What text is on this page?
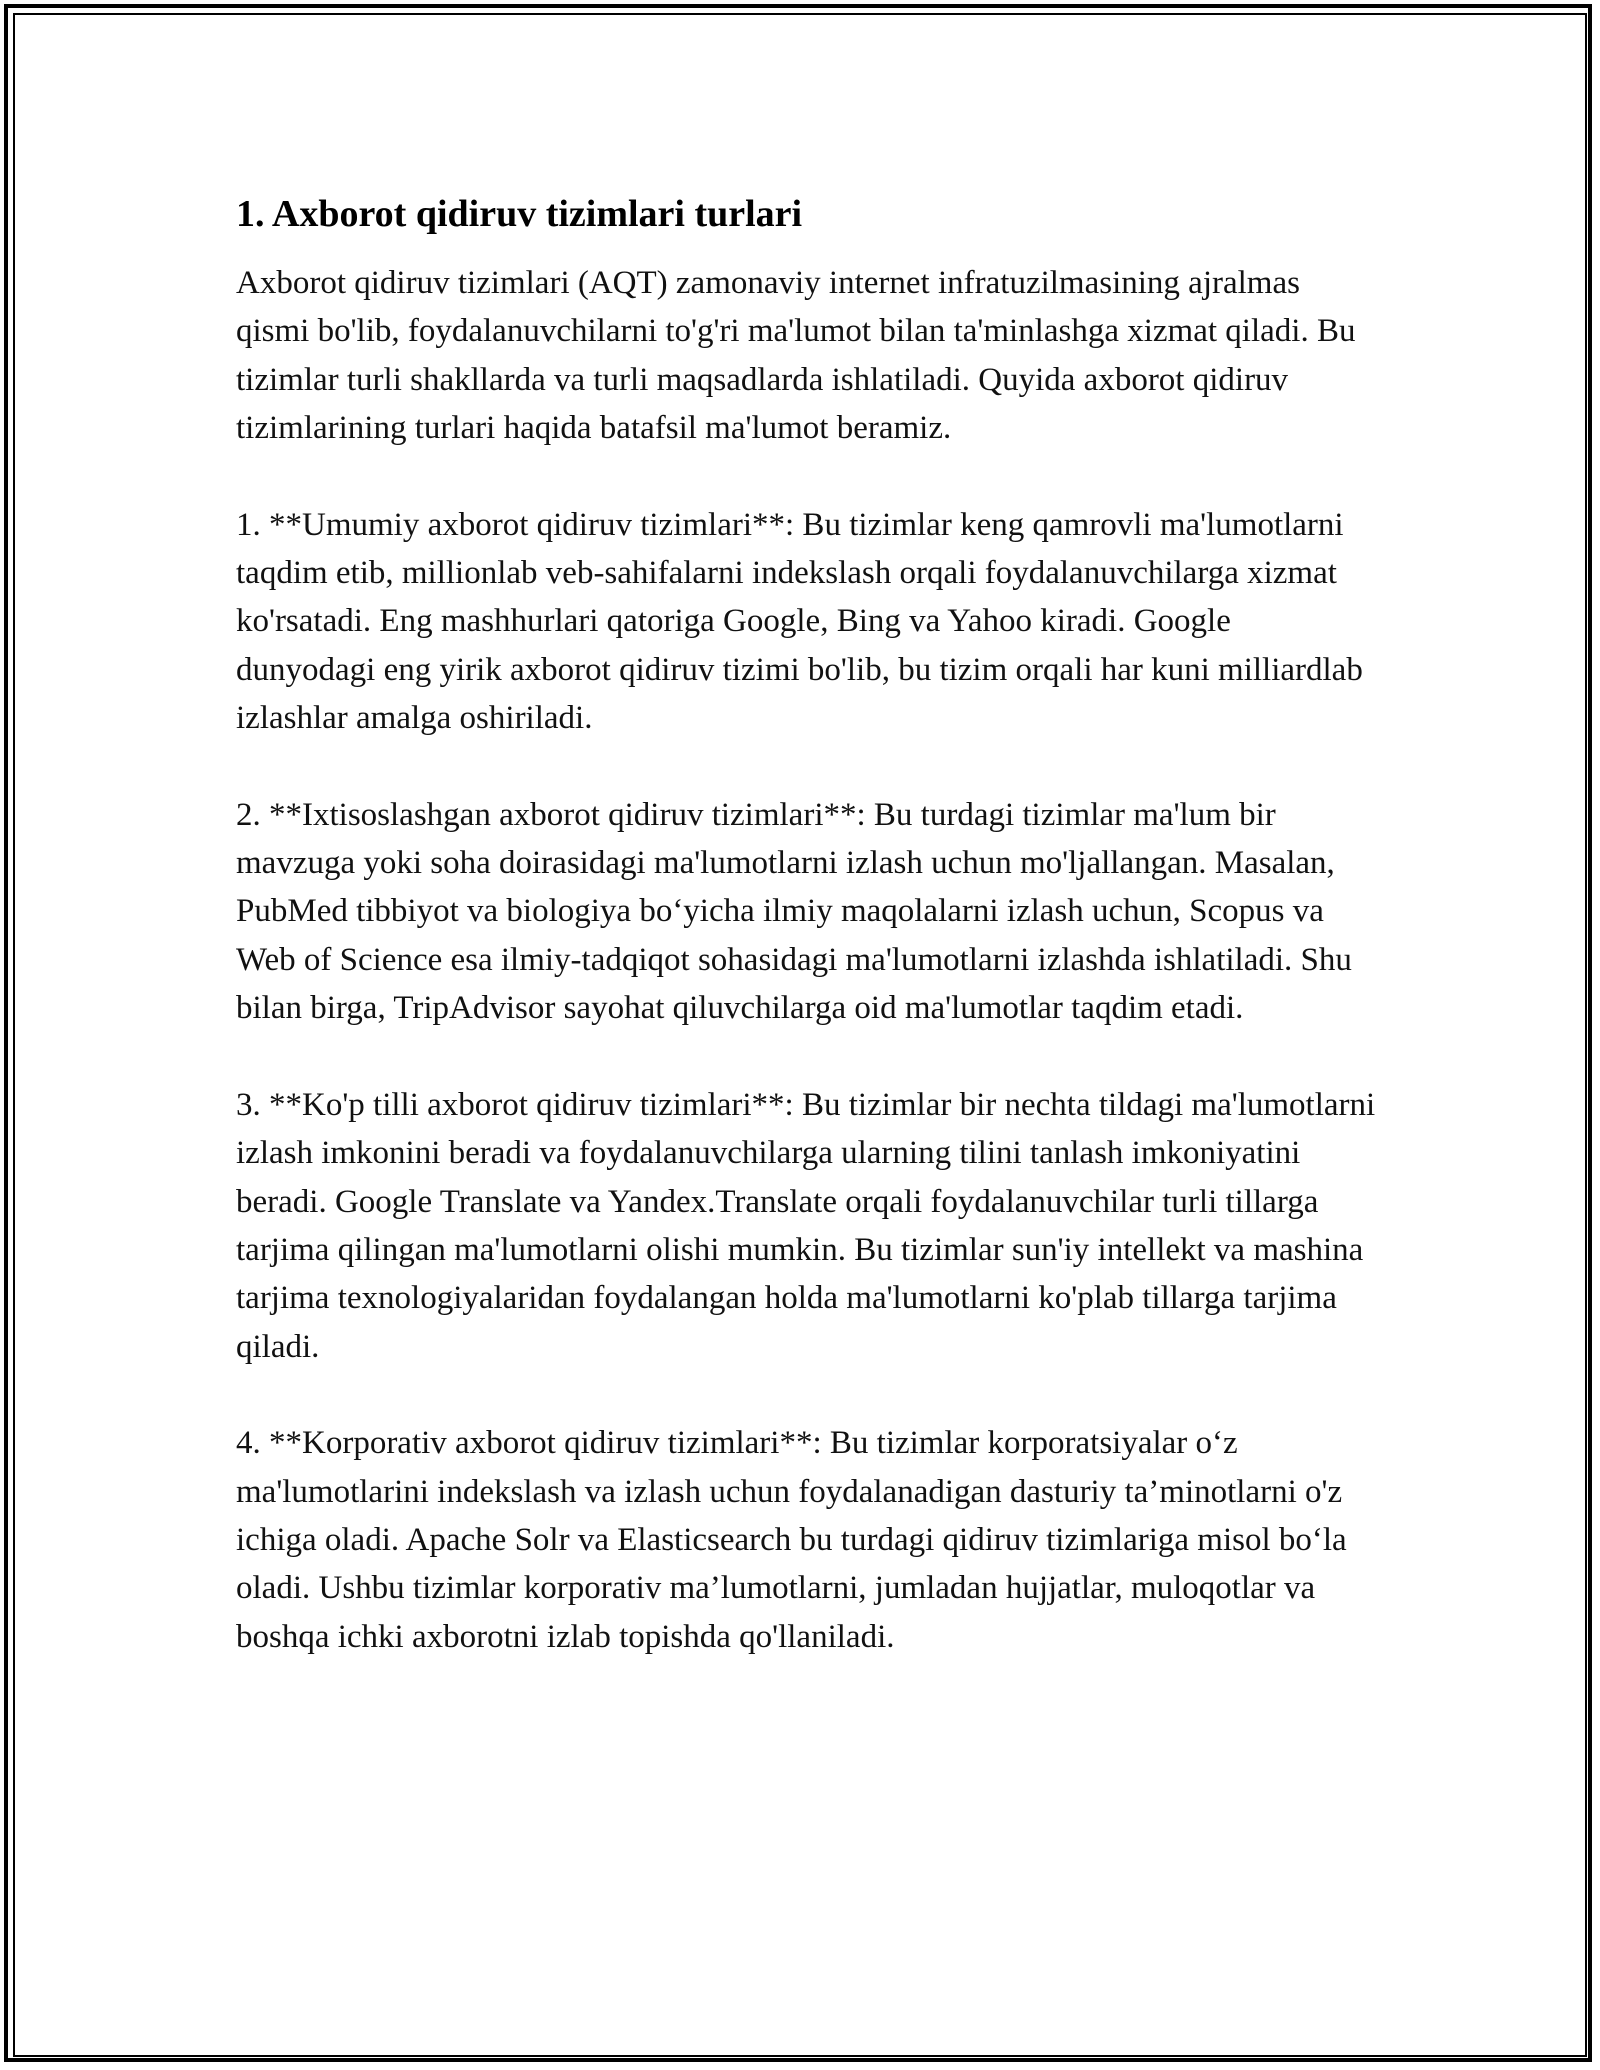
1. Axborot qidiruv tizimlari turlari

Axborot qidiruv tizimlari (AQT) zamonaviy internet infratuzilmasining ajralmas qismi bo'lib, foydalanuvchilarni to'g'ri ma'lumot bilan ta'minlashga xizmat qiladi. Bu tizimlar turli shakllarda va turli maqsadlarda ishlatiladi. Quyida axborot qidiruv tizimlarining turlari haqida batafsil ma'lumot beramiz.

1. **Umumiy axborot qidiruv tizimlari**: Bu tizimlar keng qamrovli ma'lumotlarni taqdim etib, millionlab veb-sahifalarni indekslash orqali foydalanuvchilarga xizmat ko'rsatadi. Eng mashhurlari qatoriga Google, Bing va Yahoo kiradi. Google dunyodagi eng yirik axborot qidiruv tizimi bo'lib, bu tizim orqali har kuni milliardlab izlashlar amalga oshiriladi.

2. **Ixtisoslashgan axborot qidiruv tizimlari**: Bu turdagi tizimlar ma'lum bir mavzuga yoki soha doirasidagi ma'lumotlarni izlash uchun mo'ljallangan. Masalan, PubMed tibbiyot va biologiya bo‘yicha ilmiy maqolalarni izlash uchun, Scopus va Web of Science esa ilmiy-tadqiqot sohasidagi ma'lumotlarni izlashda ishlatiladi. Shu bilan birga, TripAdvisor sayohat qiluvchilarga oid ma'lumotlar taqdim etadi.

3. **Ko'p tilli axborot qidiruv tizimlari**: Bu tizimlar bir nechta tildagi ma'lumotlarni izlash imkonini beradi va foydalanuvchilarga ularning tilini tanlash imkoniyatini beradi. Google Translate va Yandex.Translate orqali foydalanuvchilar turli tillarga tarjima qilingan ma'lumotlarni olishi mumkin. Bu tizimlar sun'iy intellekt va mashina tarjima texnologiyalaridan foydalangan holda ma'lumotlarni ko'plab tillarga tarjima qiladi.

4. **Korporativ axborot qidiruv tizimlari**: Bu tizimlar korporatsiyalar o‘z ma'lumotlarini indekslash va izlash uchun foydalanadigan dasturiy ta’minotlarni o'z ichiga oladi. Apache Solr va Elasticsearch bu turdagi qidiruv tizimlariga misol bo‘la oladi. Ushbu tizimlar korporativ ma’lumotlarni, jumladan hujjatlar, muloqotlar va boshqa ichki axborotni izlab topishda qo'llaniladi.
